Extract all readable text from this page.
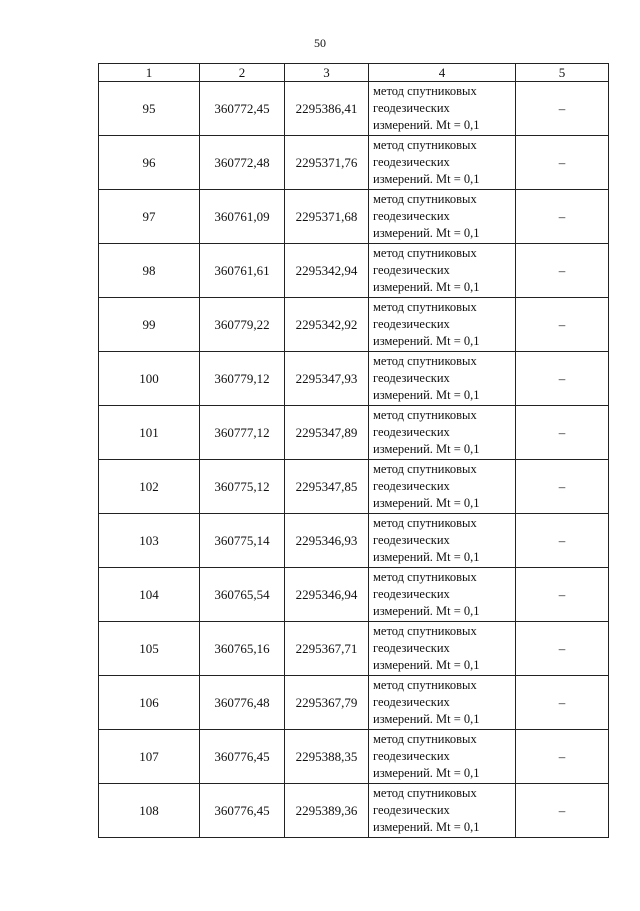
50
1	2	3	4	5
95	360772,45	2295386,41	метод спутниковых
геодезических
измерений. Mt = 0,1	–
96	360772,48	2295371,76	метод спутниковых
геодезических
измерений. Mt = 0,1	–
97	360761,09	2295371,68	метод спутниковых
геодезических
измерений. Mt = 0,1	–
98	360761,61	2295342,94	метод спутниковых
геодезических
измерений. Mt = 0,1	–
99	360779,22	2295342,92	метод спутниковых
геодезических
измерений. Mt = 0,1	–
100	360779,12	2295347,93	метод спутниковых
геодезических
измерений. Mt = 0,1	–
101	360777,12	2295347,89	метод спутниковых
геодезических
измерений. Mt = 0,1	–
102	360775,12	2295347,85	метод спутниковых
геодезических
измерений. Mt = 0,1	–
103	360775,14	2295346,93	метод спутниковых
геодезических
измерений. Mt = 0,1	–
104	360765,54	2295346,94	метод спутниковых
геодезических
измерений. Mt = 0,1	–
105	360765,16	2295367,71	метод спутниковых
геодезических
измерений. Mt = 0,1	–
106	360776,48	2295367,79	метод спутниковых
геодезических
измерений. Mt = 0,1	–
107	360776,45	2295388,35	метод спутниковых
геодезических
измерений. Mt = 0,1	–
108	360776,45	2295389,36	метод спутниковых
геодезических
измерений. Mt = 0,1	–
